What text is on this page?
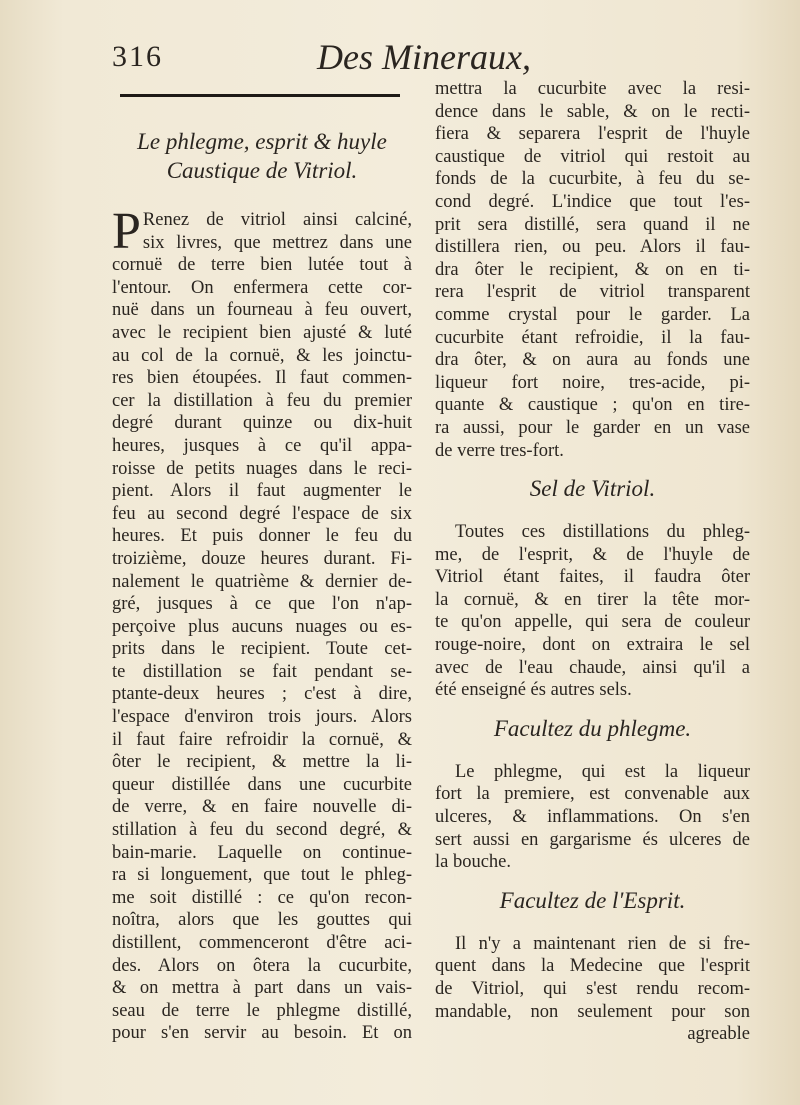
316	Des Mineraux,
Le phlegme, esprit & huyle
Caustique de Vitriol.
P Renez de vitriol ainsi calciné,
six livres, que mettrez dans une
cornuë de terre bien lutée tout à
l'entour. On enfermera cette cor-
nuë dans un fourneau à feu ouvert,
avec le recipient bien ajusté & luté
au col de la cornuë, & les joinctu-
res bien étoupées. Il faut commen-
cer la distillation à feu du premier
degré durant quinze ou dix-huit
heures, jusques à ce qu'il appa-
roisse de petits nuages dans le reci-
pient. Alors il faut augmenter le
feu au second degré l'espace de six
heures. Et puis donner le feu du
troizième, douze heures durant. Fi-
nalement le quatrième & dernier de-
gré, jusques à ce que l'on n'ap-
perçoive plus aucuns nuages ou es-
prits dans le recipient. Toute cet-
te distillation se fait pendant se-
ptante-deux heures ; c'est à dire,
l'espace d'environ trois jours. Alors
il faut faire refroidir la cornuë, &
ôter le recipient, & mettre la li-
queur distillée dans une cucurbite
de verre, & en faire nouvelle di-
stillation à feu du second degré, &
bain-marie. Laquelle on continue-
ra si longuement, que tout le phleg-
me soit distillé : ce qu'on recon-
noîtra, alors que les gouttes qui
distillent, commenceront d'être aci-
des. Alors on ôtera la cucurbite,
& on mettra à part dans un vais-
seau de terre le phlegme distillé,
pour s'en servir au besoin. Et on
mettra la cucurbite avec la resi-
dence dans le sable, & on le recti-
fiera & separera l'esprit de l'huyle
caustique de vitriol qui restoit au
fonds de la cucurbite, à feu du se-
cond degré. L'indice que tout l'es-
prit sera distillé, sera quand il ne
distillera rien, ou peu. Alors il fau-
dra ôter le recipient, & on en ti-
rera l'esprit de vitriol transparent
comme crystal pour le garder. La
cucurbite étant refroidie, il la fau-
dra ôter, & on aura au fonds une
liqueur fort noire, tres-acide, pi-
quante & caustique ; qu'on en tire-
ra aussi, pour le garder en un vase
de verre tres-fort.
Sel de Vitriol.
Toutes ces distillations du phleg-
me, de l'esprit, & de l'huyle de
Vitriol étant faites, il faudra ôter
la cornuë, & en tirer la tête mor-
te qu'on appelle, qui sera de couleur
rouge-noire, dont on extraira le sel
avec de l'eau chaude, ainsi qu'il a
été enseigné és autres sels.
Facultez du phlegme.
Le phlegme, qui est la liqueur
fort la premiere, est convenable aux
ulceres, & inflammations. On s'en
sert aussi en gargarisme és ulceres de
la bouche.
Facultez de l'Esprit.
Il n'y a maintenant rien de si fre-
quent dans la Medecine que l'esprit
de Vitriol, qui s'est rendu recom-
mandable, non seulement pour son
agreable
